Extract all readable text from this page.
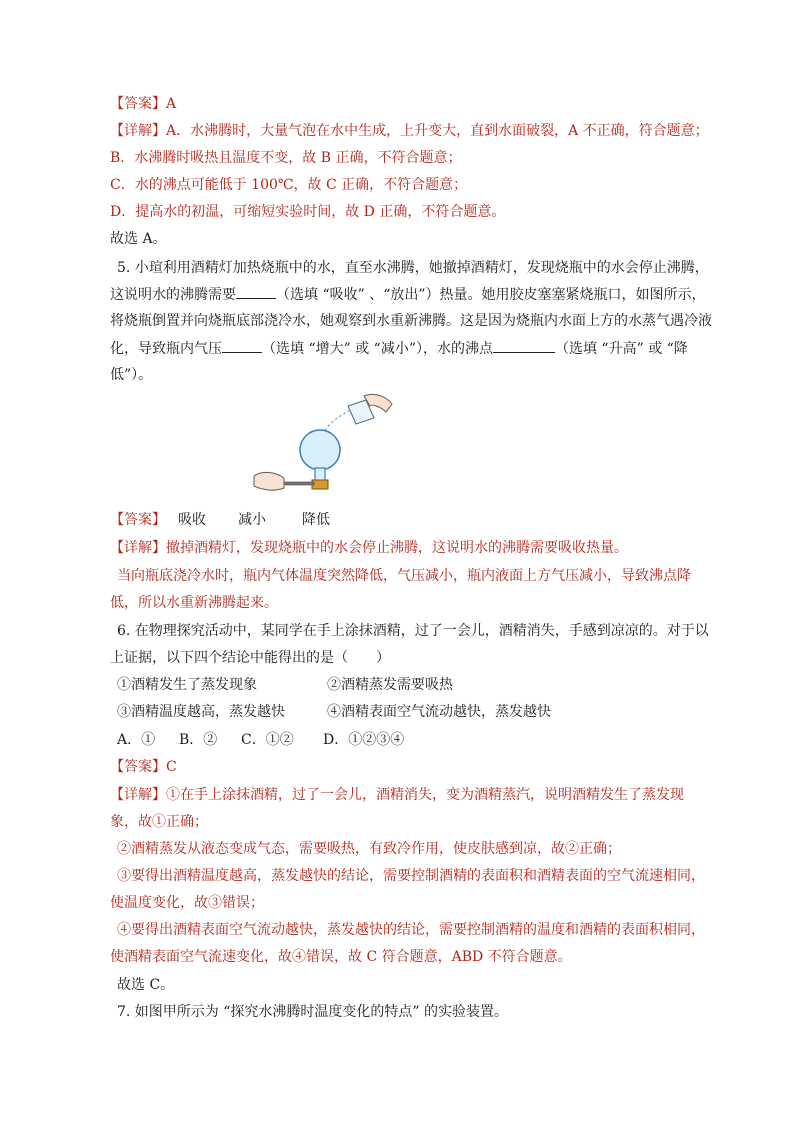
【答案】A
【详解】A．水沸腾时，大量气泡在水中生成，上升变大，直到水面破裂，A 不正确，符合题意；
B．水沸腾时吸热且温度不变，故 B 正确，不符合题意；
C．水的沸点可能低于 100℃，故 C 正确，不符合题意；
D．提高水的初温，可缩短实验时间，故 D 正确，不符合题意。
故选 A。
5. 小瑄利用酒精灯加热烧瓶中的水，直至水沸腾，她撤掉酒精灯，发现烧瓶中的水会停止沸腾，
这说明水的沸腾需要	（选填 “吸收” 、“放出”）热量。她用胶皮塞塞紧烧瓶口，如图所示，
将烧瓶倒置并向烧瓶底部浇冷水，她观察到水重新沸腾。这是因为烧瓶内水面上方的水蒸气遇冷液
化，导致瓶内气压	（选填 “增大” 或 “减小”），水的沸点	（选填 “升高” 或 “降
低”）。
【答案】 吸收 减小	降低
【详解】撤掉酒精灯，发现烧瓶中的水会停止沸腾，这说明水的沸腾需要吸收热量。
当向瓶底浇冷水时，瓶内气体温度突然降低，气压减小，瓶内液面上方气压减小，导致沸点降
低，所以水重新沸腾起来。
6. 在物理探究活动中，某同学在手上涂抹酒精，过了一会儿，酒精消失，手感到凉凉的。对于以
上证据，以下四个结论中能得出的是（　　）
①酒精发生了蒸发现象	②酒精蒸发需要吸热
③酒精温度越高，蒸发越快	④酒精表面空气流动越快，蒸发越快
A．① B．② C．①② D．①②③④
【答案】C
【详解】①在手上涂抹酒精，过了一会儿，酒精消失，变为酒精蒸汽，说明酒精发生了蒸发现
象，故①正确；
②酒精蒸发从液态变成气态，需要吸热，有致冷作用，使皮肤感到凉，故②正确；
③要得出酒精温度越高，蒸发越快的结论，需要控制酒精的表面积和酒精表面的空气流速相同，
使温度变化，故③错误；
④要得出酒精表面空气流动越快，蒸发越快的结论，需要控制酒精的温度和酒精的表面积相同，
使酒精表面空气流速变化，故④错误，故 C 符合题意，ABD 不符合题意。
故选 C。
7. 如图甲所示为 “探究水沸腾时温度变化的特点” 的实验装置。
